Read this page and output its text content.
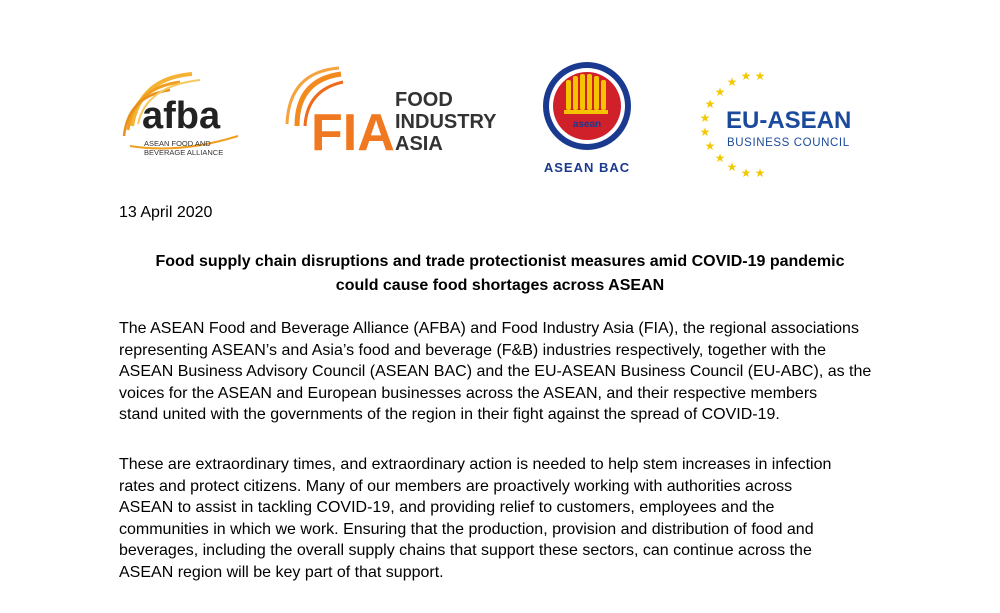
afba
ASEAN FOOD AND
BEVERAGE ALLIANCE FIA
FOOD
INDUSTRY
ASIA
asean
ASEAN BAC
★
★
★
★
★
★
★
★
★ ★
★
★
EU-ASEAN
BUSINESS COUNCIL
13 April 2020
Food supply chain disruptions and trade protectionist measures amid COVID-19 pandemic
could cause food shortages across ASEAN
The ASEAN Food and Beverage Alliance (AFBA) and Food Industry Asia (FIA), the regional associations
representing ASEAN’s and Asia’s food and beverage (F&B) industries respectively, together with the
ASEAN Business Advisory Council (ASEAN BAC) and the EU-ASEAN Business Council (EU-ABC), as the
voices for the ASEAN and European businesses across the ASEAN, and their respective members
stand united with the governments of the region in their fight against the spread of COVID-19.
These are extraordinary times, and extraordinary action is needed to help stem increases in infection
rates and protect citizens. Many of our members are proactively working with authorities across
ASEAN to assist in tackling COVID-19, and providing relief to customers, employees and the
communities in which we work. Ensuring that the production, provision and distribution of food and
beverages, including the overall supply chains that support these sectors, can continue across the
ASEAN region will be key part of that support.
